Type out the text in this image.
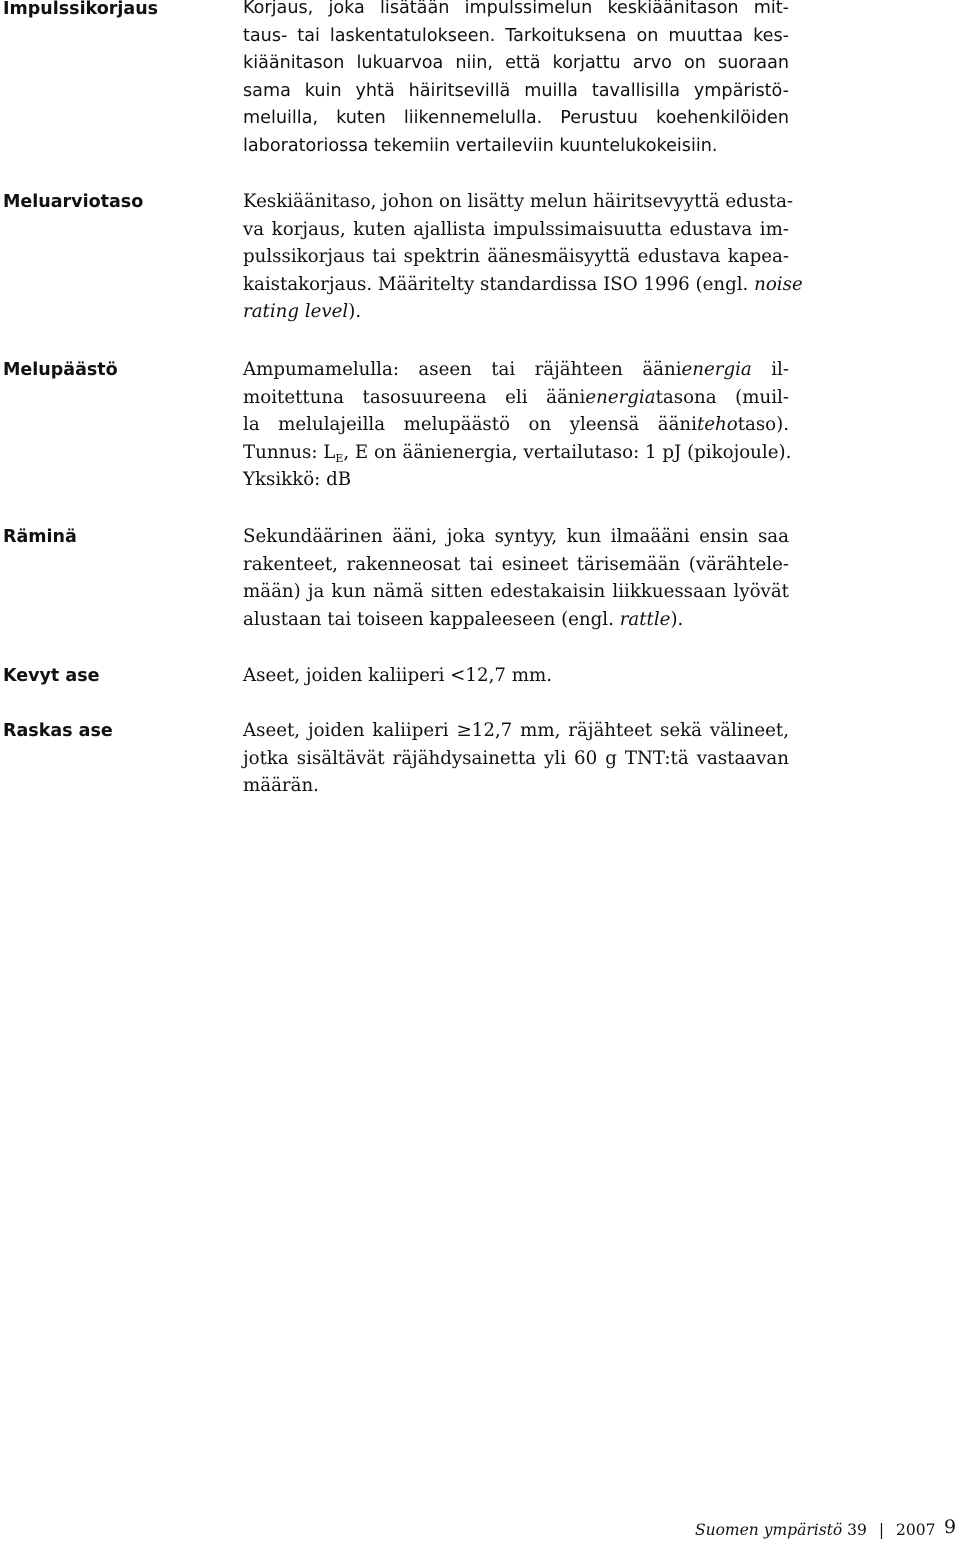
Impulssikorjaus	Korjaus, joka lisätään impulssimelun keskiäänitason mit-
taus- tai laskentatulokseen. Tarkoituksena on muuttaa kes-
kiäänitason lukuarvoa niin, että korjattu arvo on suoraan
sama kuin yhtä häiritsevillä muilla tavallisilla ympäristö-
meluilla, kuten liikennemelulla. Perustuu koehenkilöiden
laboratoriossa tekemiin vertaileviin kuuntelukokeisiin.
Meluarviotaso	Keskiäänitaso, johon on lisätty melun häiritsevyyttä edusta-
va korjaus, kuten ajallista impulssimaisuutta edustava im-
pulssikorjaus tai spektrin äänesmäisyyttä edustava kapea-
kaistakorjaus. Määritelty standardissa ISO 1996 (engl. noise
rating level).
Melupäästö	Ampumamelulla: aseen tai räjähteen äänienergia il-
moitettuna tasosuureena eli äänienergiatasona (muil-
la melulajeilla melupäästö on yleensä äänitehotaso).
Tunnus: $L_E$, E on äänienergia, vertailutaso: 1 pJ (pikojoule).
Yksikkö: dB
Räminä	Sekundäärinen ääni, joka syntyy, kun ilmaääni ensin saa
rakenteet, rakenneosat tai esineet tärisemään (värähtele-
mään) ja kun nämä sitten edestakaisin liikkuessaan lyövät
alustaan tai toiseen kappaleeseen (engl. rattle).
Kevyt ase	Aseet, joiden kaliiperi <12,7 mm.
Raskas ase	Aseet, joiden kaliiperi ≥12,7 mm, räjähteet sekä välineet,
jotka sisältävät räjähdysainetta yli 60 g TNT:tä vastaavan
määrän.
Suomen ympäristö 39 | 2007 9
